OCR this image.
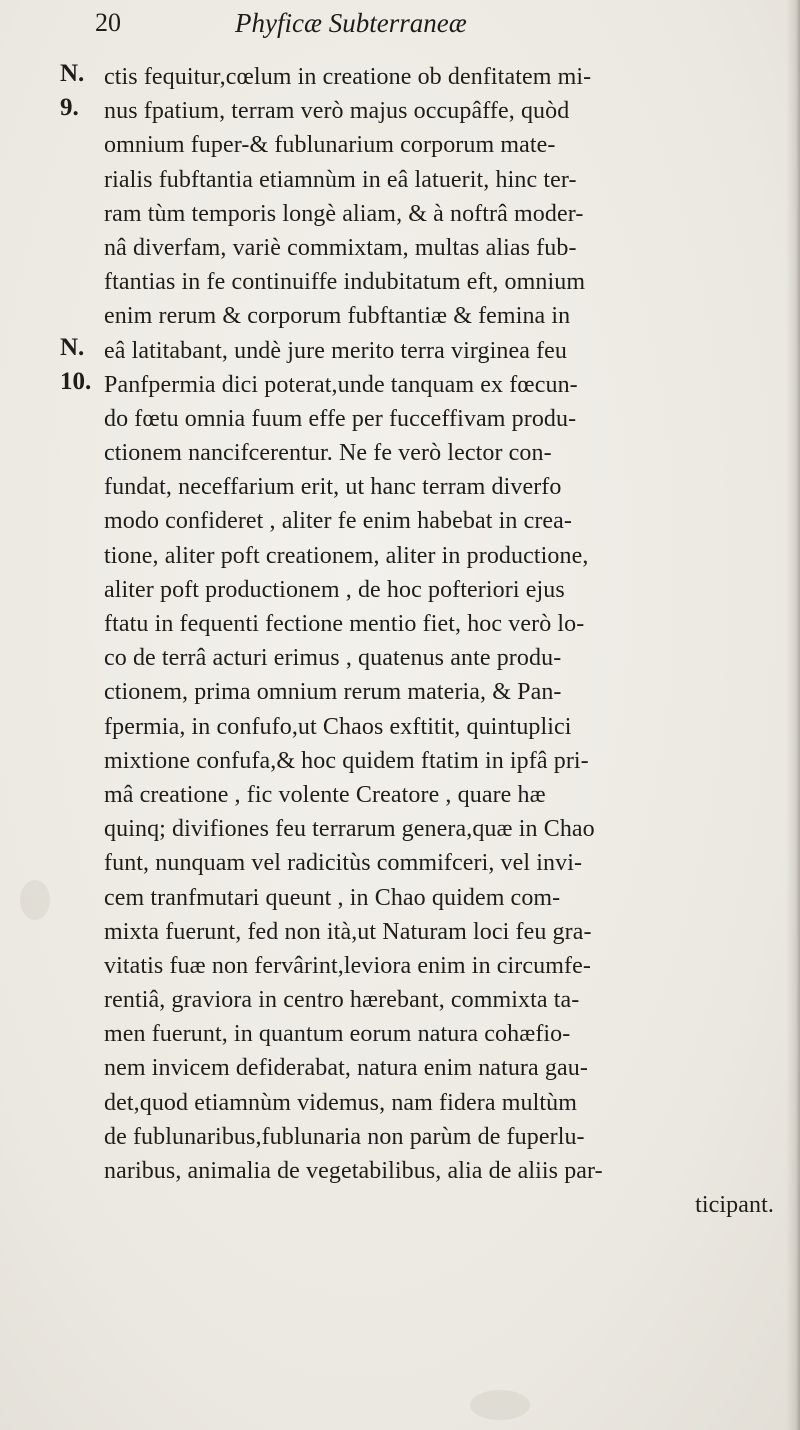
20	Phyficæ Subterraneæ
N.
9.
N.
10.
ctis fequitur,cœlum in creatione ob denfitatem mi-
nus fpatium, terram verò majus occupâffe, quòd
omnium fuper-& fublunarium corporum mate-
rialis fubftantia etiamnùm in eâ latuerit, hinc ter-
ram tùm temporis longè aliam, & à noftrâ moder-
nâ diverfam, variè commixtam, multas alias fub-
ftantias in fe continuiffe indubitatum eft, omnium
enim rerum & corporum fubftantiæ & femina in
eâ latitabant, undè jure merito terra virginea feu
Panfpermia dici poterat,unde tanquam ex fœcun-
do fœtu omnia fuum effe per fucceffivam produ-
ctionem nancifcerentur. Ne fe verò lector con-
fundat, neceffarium erit, ut hanc terram diverfo
modo confideret , aliter fe enim habebat in crea-
tione, aliter poft creationem, aliter in productione,
aliter poft productionem , de hoc pofteriori ejus
ftatu in fequenti fectione mentio fiet, hoc verò lo-
co de terrâ acturi erimus , quatenus ante produ-
ctionem, prima omnium rerum materia, & Pan-
fpermia, in confufo,ut Chaos exftitit, quintuplici
mixtione confufa,& hoc quidem ftatim in ipfâ pri-
mâ creatione , fic volente Creatore , quare hæ
quinq; divifiones feu terrarum genera,quæ in Chao
funt, nunquam vel radicitùs commifceri, vel invi-
cem tranfmutari queunt , in Chao quidem com-
mixta fuerunt, fed non ità,ut Naturam loci feu gra-
vitatis fuæ non fervârint,leviora enim in circumfe-
rentiâ, graviora in centro hærebant, commixta ta-
men fuerunt, in quantum eorum natura cohæfio-
nem invicem defiderabat, natura enim natura gau-
det,quod etiamnùm videmus, nam fidera multùm
de fublunaribus,fublunaria non parùm de fuperlu-
naribus, animalia de vegetabilibus, alia de aliis par-
ticipant.
